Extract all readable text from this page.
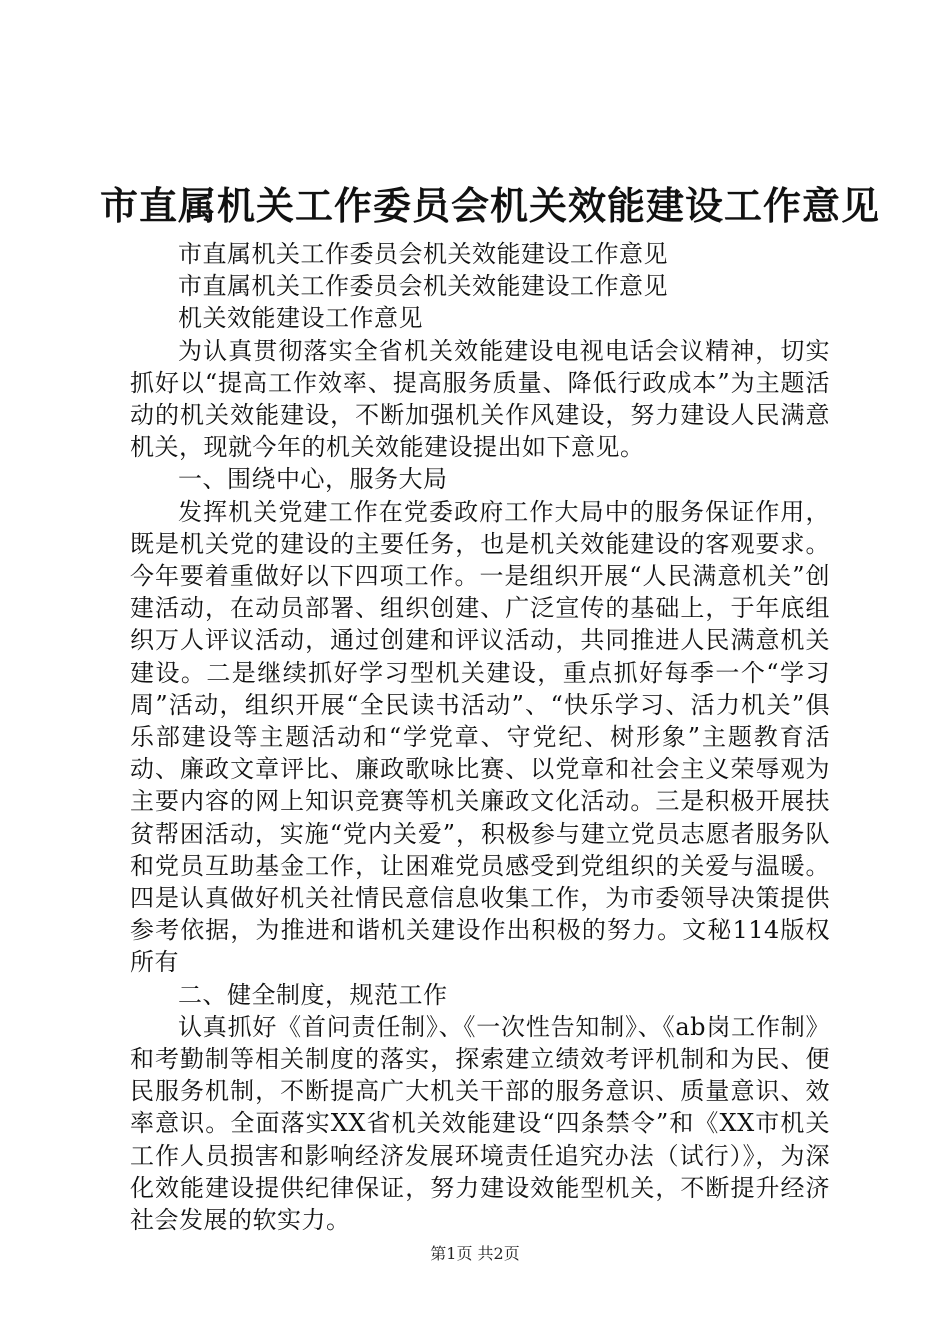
市直属机关工作委员会机关效能建设工作意见

市直属机关工作委员会机关效能建设工作意见

市直属机关工作委员会机关效能建设工作意见

机关效能建设工作意见

为认真贯彻落实全省机关效能建设电视电话会议精神，切实抓好以“提高工作效率、提高服务质量、降低行政成本”为主题活动的机关效能建设，不断加强机关作风建设，努力建设人民满意机关，现就今年的机关效能建设提出如下意见。

一、围绕中心，服务大局

发挥机关党建工作在党委政府工作大局中的服务保证作用，既是机关党的建设的主要任务，也是机关效能建设的客观要求。今年要着重做好以下四项工作。一是组织开展“人民满意机关”创建活动，在动员部署、组织创建、广泛宣传的基础上，于年底组织万人评议活动，通过创建和评议活动，共同推进人民满意机关建设。二是继续抓好学习型机关建设，重点抓好每季一个“学习周”活动，组织开展“全民读书活动”、“快乐学习、活力机关”俱乐部建设等主题活动和“学党章、守党纪、树形象”主题教育活动、廉政文章评比、廉政歌咏比赛、以党章和社会主义荣辱观为主要内容的网上知识竞赛等机关廉政文化活动。三是积极开展扶贫帮困活动，实施“党内关爱”，积极参与建立党员志愿者服务队和党员互助基金工作，让困难党员感受到党组织的关爱与温暖。四是认真做好机关社情民意信息收集工作，为市委领导决策提供参考依据，为推进和谐机关建设作出积极的努力。文秘114版权所有

二、健全制度，规范工作

认真抓好《首问责任制》、《一次性告知制》、《ab岗工作制》和考勤制等相关制度的落实，探索建立绩效考评机制和为民、便民服务机制，不断提高广大机关干部的服务意识、质量意识、效率意识。全面落实XX省机关效能建设“四条禁令”和《XX市机关工作人员损害和影响经济发展环境责任追究办法（试行）》，为深化效能建设提供纪律保证，努力建设效能型机关，不断提升经济社会发展的软实力。

第1页 共2页
